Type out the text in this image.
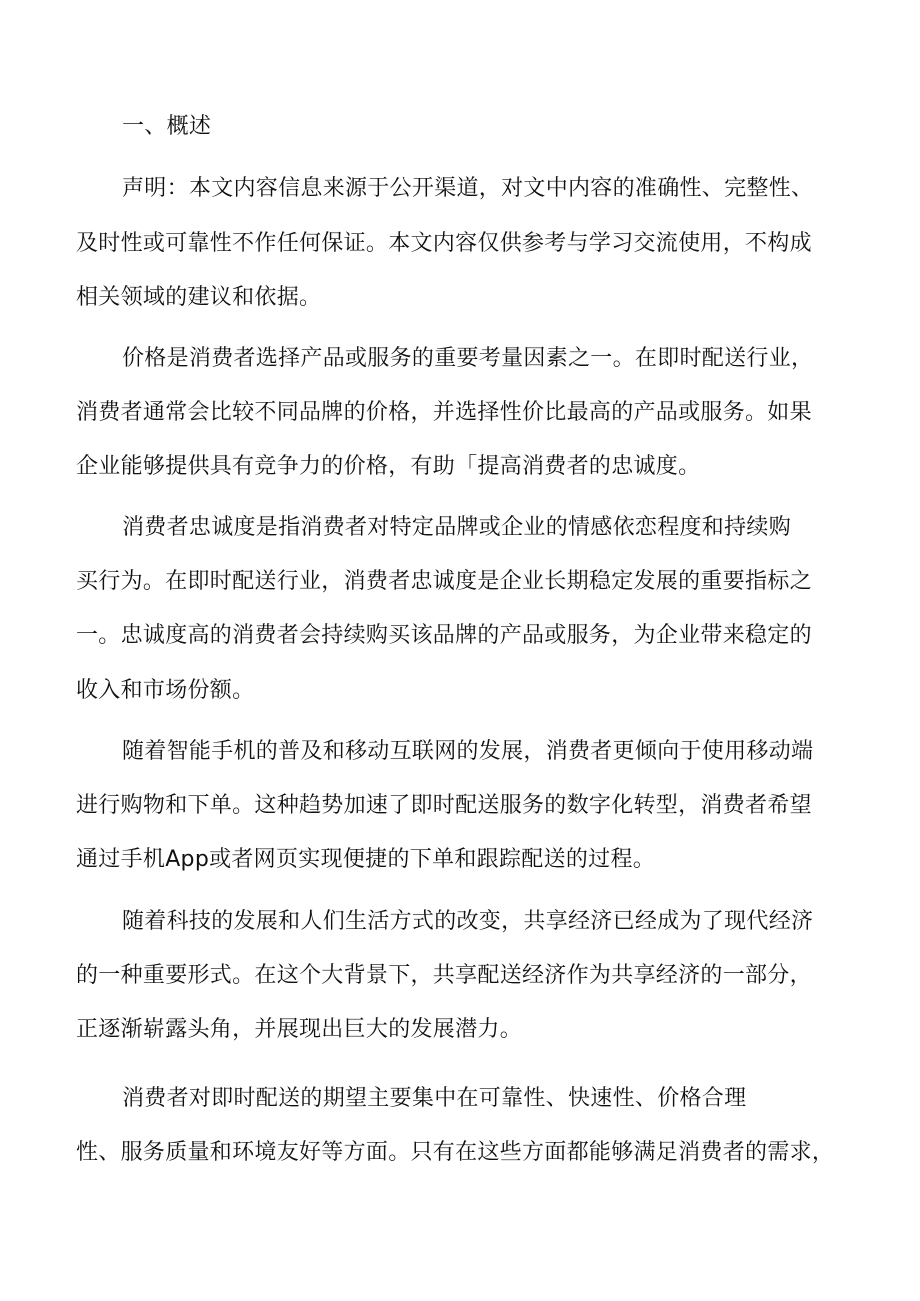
一、概述
声明：本文内容信息来源于公开渠道，对文中内容的准确性、完整性、
及时性或可靠性不作任何保证。本文内容仅供参考与学习交流使用，不构成
相关领域的建议和依据。
价格是消费者选择产品或服务的重要考量因素之一。在即时配送行业，
消费者通常会比较不同品牌的价格，并选择性价比最高的产品或服务。如果
企业能够提供具有竞争力的价格，有助「提高消费者的忠诚度。
消费者忠诚度是指消费者对特定品牌或企业的情感依恋程度和持续购
买行为。在即时配送行业，消费者忠诚度是企业长期稳定发展的重要指标之
一。忠诚度高的消费者会持续购买该品牌的产品或服务，为企业带来稳定的
收入和市场份额。
随着智能手机的普及和移动互联网的发展，消费者更倾向于使用移动端
进行购物和下单。这种趋势加速了即时配送服务的数字化转型，消费者希望
通过手机App或者网页实现便捷的下单和跟踪配送的过程。
随着科技的发展和人们生活方式的改变，共享经济已经成为了现代经济
的一种重要形式。在这个大背景下，共享配送经济作为共享经济的一部分，
正逐渐崭露头角，并展现出巨大的发展潜力。
消费者对即时配送的期望主要集中在可靠性、快速性、价格合理
性、服务质量和环境友好等方面。只有在这些方面都能够满足消费者的需求，
